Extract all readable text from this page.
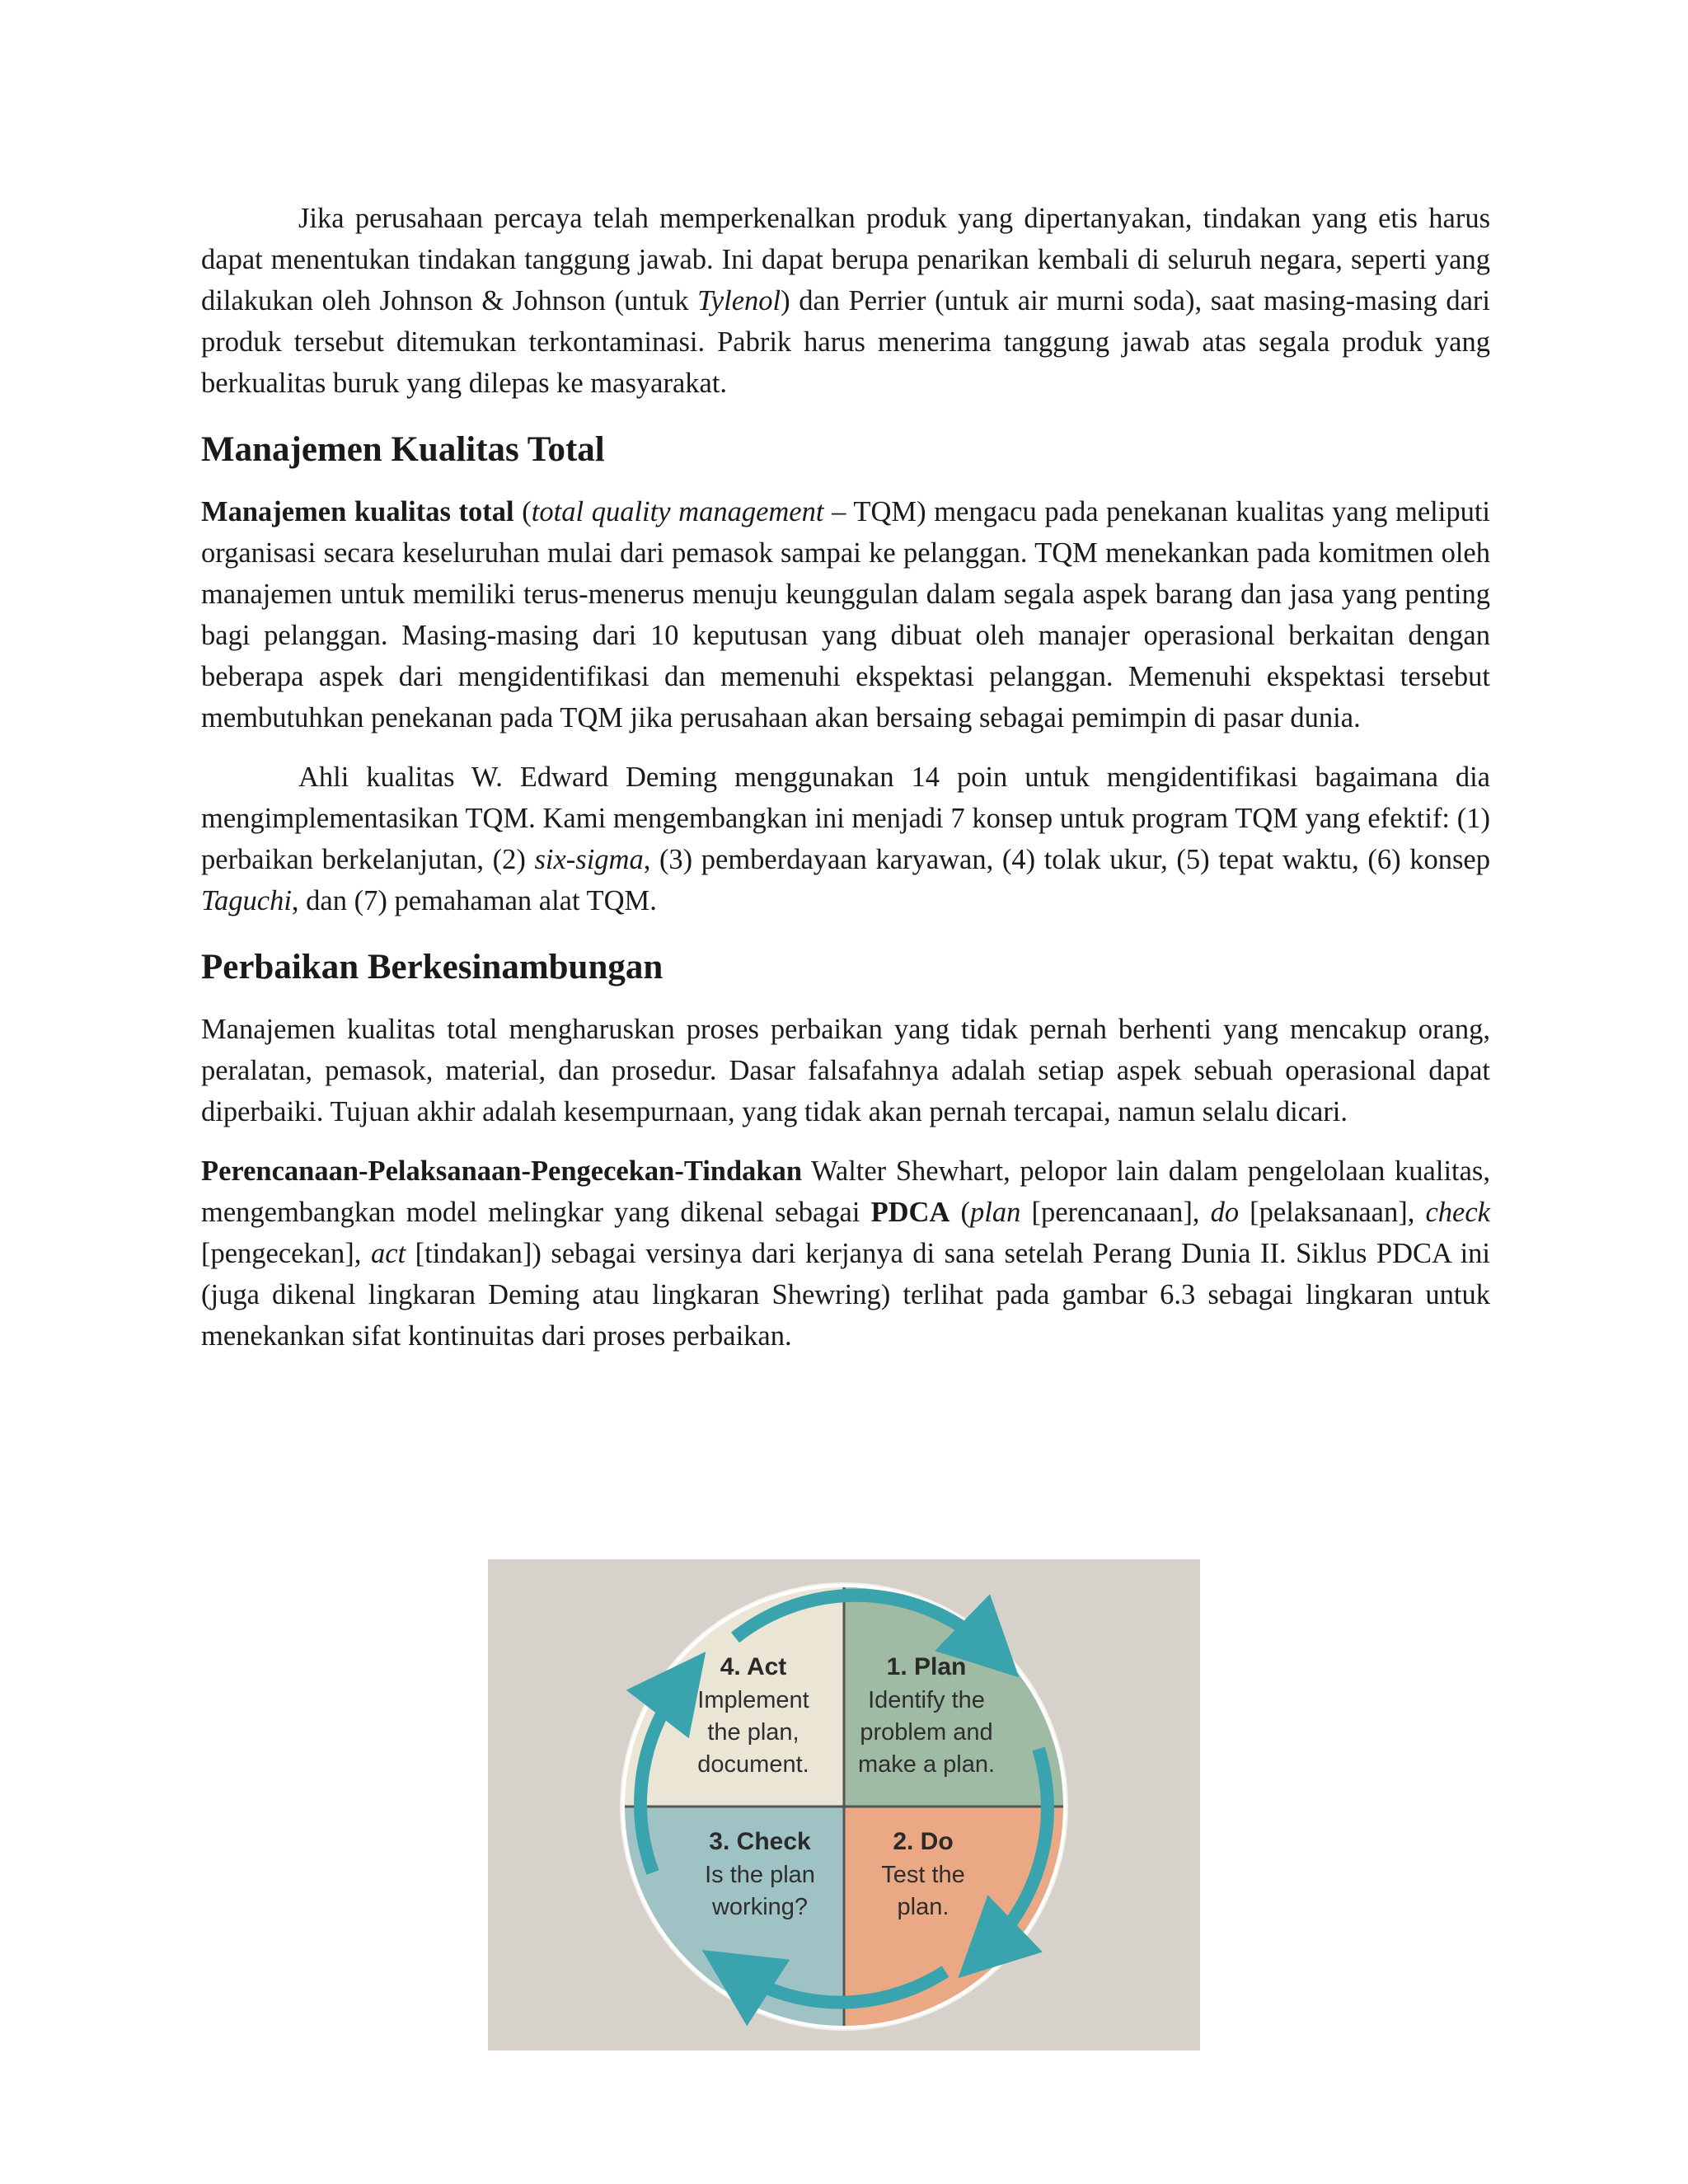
Jika perusahaan percaya telah memperkenalkan produk yang dipertanyakan, tindakan yang etis harus dapat menentukan tindakan tanggung jawab. Ini dapat berupa penarikan kembali di seluruh negara, seperti yang dilakukan oleh Johnson & Johnson (untuk Tylenol) dan Perrier (untuk air murni soda), saat masing-masing dari produk tersebut ditemukan terkontaminasi. Pabrik harus menerima tanggung jawab atas segala produk yang berkualitas buruk yang dilepas ke masyarakat.

Manajemen Kualitas Total

Manajemen kualitas total (total quality management – TQM) mengacu pada penekanan kualitas yang meliputi organisasi secara keseluruhan mulai dari pemasok sampai ke pelanggan. TQM menekankan pada komitmen oleh manajemen untuk memiliki terus-menerus menuju keunggulan dalam segala aspek barang dan jasa yang penting bagi pelanggan. Masing-masing dari 10 keputusan yang dibuat oleh manajer operasional berkaitan dengan beberapa aspek dari mengidentifikasi dan memenuhi ekspektasi pelanggan. Memenuhi ekspektasi tersebut membutuhkan penekanan pada TQM jika perusahaan akan bersaing sebagai pemimpin di pasar dunia.

Ahli kualitas W. Edward Deming menggunakan 14 poin untuk mengidentifikasi bagaimana dia mengimplementasikan TQM. Kami mengembangkan ini menjadi 7 konsep untuk program TQM yang efektif: (1) perbaikan berkelanjutan, (2) six-sigma, (3) pemberdayaan karyawan, (4) tolak ukur, (5) tepat waktu, (6) konsep Taguchi, dan (7) pemahaman alat TQM.

Perbaikan Berkesinambungan

Manajemen kualitas total mengharuskan proses perbaikan yang tidak pernah berhenti yang mencakup orang, peralatan, pemasok, material, dan prosedur. Dasar falsafahnya adalah setiap aspek sebuah operasional dapat diperbaiki. Tujuan akhir adalah kesempurnaan, yang tidak akan pernah tercapai, namun selalu dicari.

Perencanaan-Pelaksanaan-Pengecekan-Tindakan Walter Shewhart, pelopor lain dalam pengelolaan kualitas, mengembangkan model melingkar yang dikenal sebagai PDCA (plan [perencanaan], do [pelaksanaan], check [pengecekan], act [tindakan]) sebagai versinya dari kerjanya di sana setelah Perang Dunia II. Siklus PDCA ini (juga dikenal lingkaran Deming atau lingkaran Shewring) terlihat pada gambar 6.3 sebagai lingkaran untuk menekankan sifat kontinuitas dari proses perbaikan.

4. Act
Implement
the plan,
document.
1. Plan
Identify the
problem and
make a plan.
3. Check
Is the plan
working?
2. Do
Test the
plan.
